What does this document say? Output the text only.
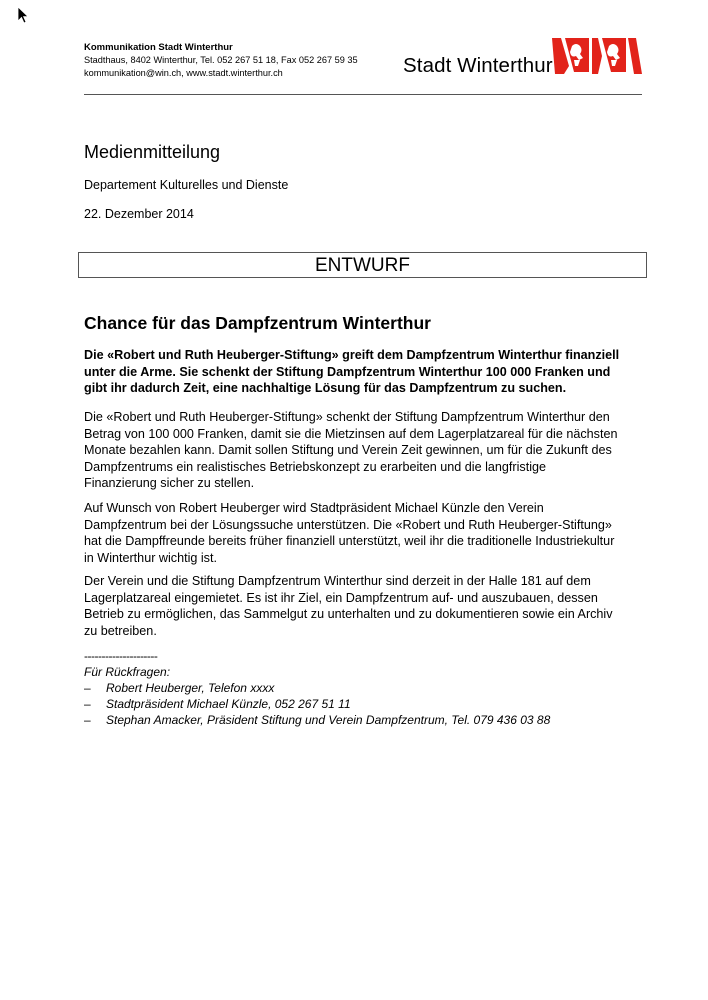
Kommunikation Stadt Winterthur
Stadthaus, 8402 Winterthur, Tel. 052 267 51 18, Fax 052 267 59 35
kommunikation@win.ch, www.stadt.winterthur.ch	Stadt Winterthur
Medienmitteilung
Departement Kulturelles und Dienste
22. Dezember 2014
ENTWURF
Chance für das Dampfzentrum Winterthur
Die «Robert und Ruth Heuberger-Stiftung» greift dem Dampfzentrum Winterthur finanziell
unter die Arme. Sie schenkt der Stiftung Dampfzentrum Winterthur 100 000 Franken und
gibt ihr dadurch Zeit, eine nachhaltige Lösung für das Dampfzentrum zu suchen.
Die «Robert und Ruth Heuberger-Stiftung» schenkt der Stiftung Dampfzentrum Winterthur den
Betrag von 100 000 Franken, damit sie die Mietzinsen auf dem Lagerplatzareal für die nächsten
Monate bezahlen kann. Damit sollen Stiftung und Verein Zeit gewinnen, um für die Zukunft des
Dampfzentrums ein realistisches Betriebskonzept zu erarbeiten und die langfristige
Finanzierung sicher zu stellen.
Auf Wunsch von Robert Heuberger wird Stadtpräsident Michael Künzle den Verein
Dampfzentrum bei der Lösungssuche unterstützen. Die «Robert und Ruth Heuberger-Stiftung»
hat die Dampffreunde bereits früher finanziell unterstützt, weil ihr die traditionelle Industriekultur
in Winterthur wichtig ist.
Der Verein und die Stiftung Dampfzentrum Winterthur sind derzeit in der Halle 181 auf dem
Lagerplatzareal eingemietet. Es ist ihr Ziel, ein Dampfzentrum auf- und auszubauen, dessen
Betrieb zu ermöglichen, das Sammelgut zu unterhalten und zu dokumentieren sowie ein Archiv
zu betreiben.
---------------------
Für Rückfragen:
–	Robert Heuberger, Telefon xxxx
–	Stadtpräsident Michael Künzle, 052 267 51 11
–	Stephan Amacker, Präsident Stiftung und Verein Dampfzentrum, Tel. 079 436 03 88
